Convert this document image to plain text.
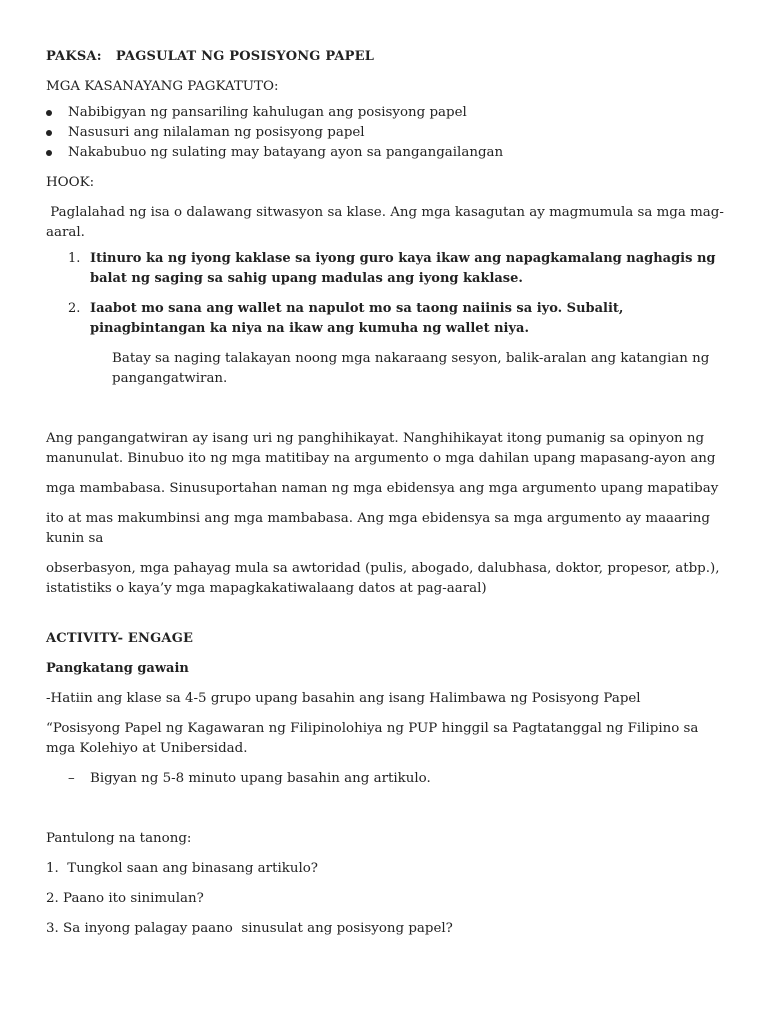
PAKSA: PAGSULAT NG POSISYONG PAPEL

MGA KASANAYANG PAGKATUTO:

Nabibigyan ng pansariling kahulugan ang posisyong papel
Nasusuri ang nilalaman ng posisyong papel
Nakabubuo ng sulating may batayang ayon sa pangangailangan

HOOK:

Paglalahad ng isa o dalawang sitwasyon sa klase. Ang mga kasagutan ay magmumula sa mga mag-aaral.

1. Itinuro ka ng iyong kaklase sa iyong guro kaya ikaw ang napagkamalang naghagis ng balat ng saging sa sahig upang madulas ang iyong kaklase.
2. Iaabot mo sana ang wallet na napulot mo sa taong naiinis sa iyo. Subalit, pinagbintangan ka niya na ikaw ang kumuha ng wallet niya.

Batay sa naging talakayan noong mga nakaraang sesyon, balik-aralan ang katangian ng pangangatwiran.

Ang pangangatwiran ay isang uri ng panghihikayat. Nanghihikayat itong pumanig sa opinyon ng manunulat. Binubuo ito ng mga matitibay na argumento o mga dahilan upang mapasang-ayon ang

mga mambabasa. Sinusuportahan naman ng mga ebidensya ang mga argumento upang mapatibay

ito at mas makumbinsi ang mga mambabasa. Ang mga ebidensya sa mga argumento ay maaaring kunin sa

obserbasyon, mga pahayag mula sa awtoridad (pulis, abogado, dalubhasa, doktor, propesor, atbp.), istatistiks o kaya’y mga mapagkakatiwalaang datos at pag-aaral)

ACTIVITY- ENGAGE

Pangkatang gawain

-Hatiin ang klase sa 4-5 grupo upang basahin ang isang Halimbawa ng Posisyong Papel

“Posisyong Papel ng Kagawaran ng Filipinolohiya ng PUP hinggil sa Pagtatanggal ng Filipino sa mga Kolehiyo at Unibersidad.

– Bigyan ng 5-8 minuto upang basahin ang artikulo.

Pantulong na tanong:

1.  Tungkol saan ang binasang artikulo?

2. Paano ito sinimulan?

3. Sa inyong palagay paano  sinusulat ang posisyong papel?
